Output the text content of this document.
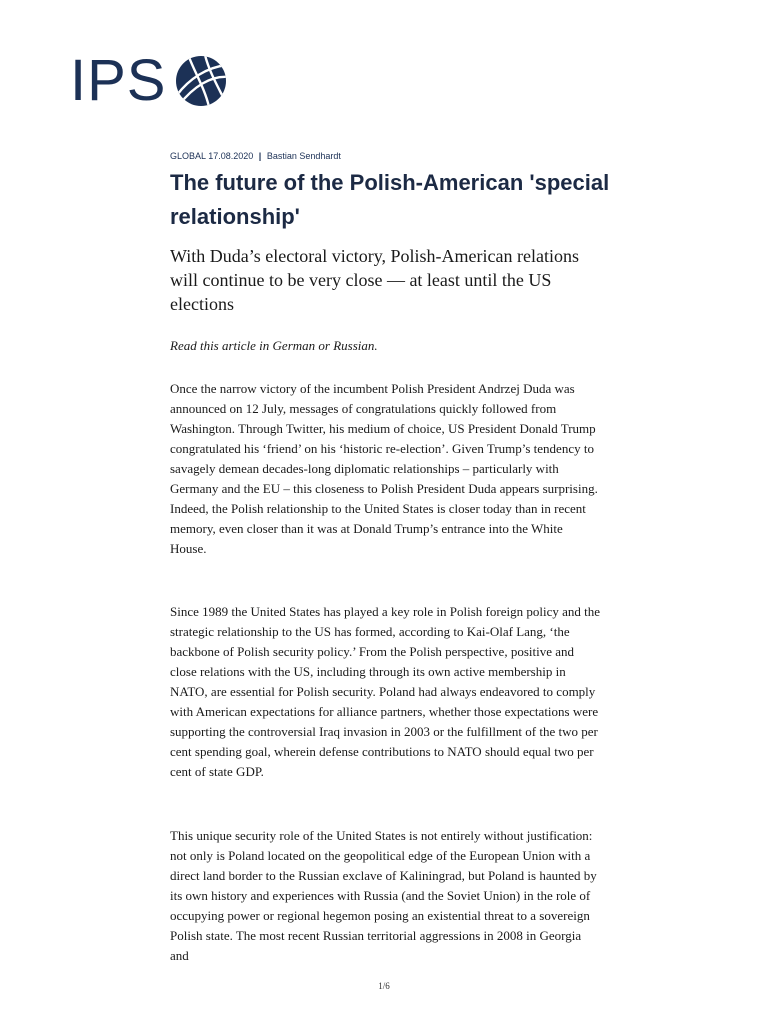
IPS
GLOBAL 17.08.2020 | Bastian Sendhardt
The future of the Polish-American 'special relationship'

With Duda’s electoral victory, Polish-American relations will continue to be very close — at least until the US elections

Read this article in German or Russian.

Once the narrow victory of the incumbent Polish President Andrzej Duda was announced on 12 July, messages of congratulations quickly followed from Washington. Through Twitter, his medium of choice, US President Donald Trump congratulated his ‘friend’ on his ‘historic re-election’. Given Trump’s tendency to savagely demean decades-long diplomatic relationships – particularly with Germany and the EU – this closeness to Polish President Duda appears surprising. Indeed, the Polish relationship to the United States is closer today than in recent memory, even closer than it was at Donald Trump’s entrance into the White House.

Since 1989 the United States has played a key role in Polish foreign policy and the strategic relationship to the US has formed, according to Kai-Olaf Lang, ‘the backbone of Polish security policy.’ From the Polish perspective, positive and close relations with the US, including through its own active membership in NATO, are essential for Polish security. Poland had always endeavored to comply with American expectations for alliance partners, whether those expectations were supporting the controversial Iraq invasion in 2003 or the fulfillment of the two per cent spending goal, wherein defense contributions to NATO should equal two per cent of state GDP.

This unique security role of the United States is not entirely without justification: not only is Poland located on the geopolitical edge of the European Union with a direct land border to the Russian exclave of Kaliningrad, but Poland is haunted by its own history and experiences with Russia (and the Soviet Union) in the role of occupying power or regional hegemon posing an existential threat to a sovereign Polish state. The most recent Russian territorial aggressions in 2008 in Georgia and

1/6
